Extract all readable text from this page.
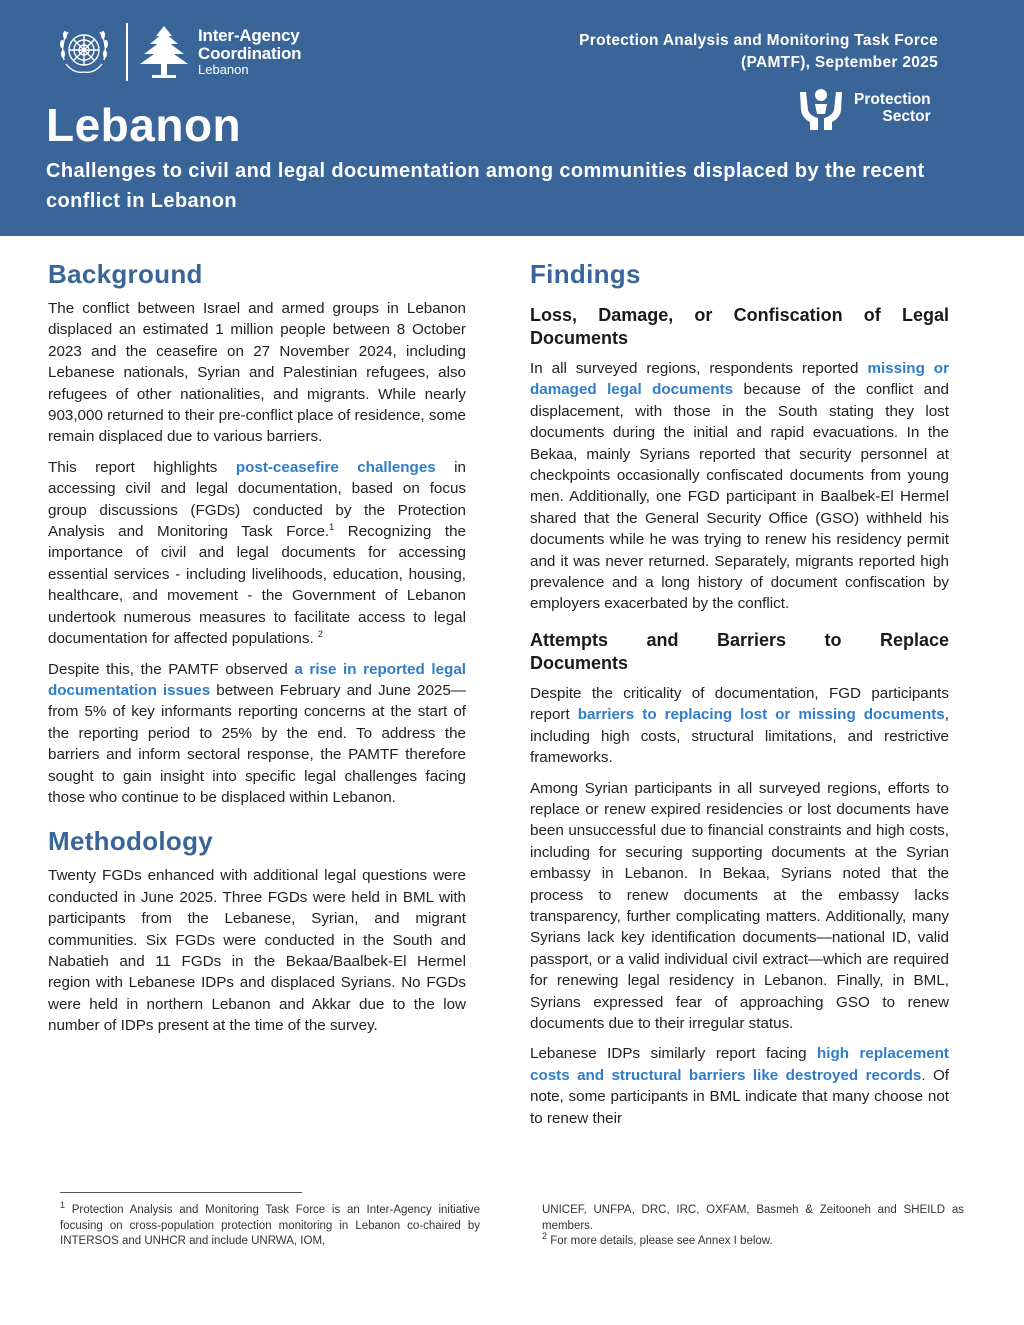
Inter-Agency
Coordination
Lebanon
Protection Analysis and Monitoring Task Force
(PAMTF), September 2025
Protection
Sector
Lebanon
Challenges to civil and legal documentation among communities displaced by the recent conflict in Lebanon
Background

The conflict between Israel and armed groups in Lebanon displaced an estimated 1 million people between 8 October 2023 and the ceasefire on 27 November 2024, including Lebanese nationals, Syrian and Palestinian refugees, also refugees of other nationalities, and migrants. While nearly 903,000 returned to their pre-conflict place of residence, some remain displaced due to various barriers.

This report highlights post-ceasefire challenges in accessing civil and legal documentation, based on focus group discussions (FGDs) conducted by the Protection Analysis and Monitoring Task Force.$^1$ Recognizing the importance of civil and legal documents for accessing essential services - including livelihoods, education, housing, healthcare, and movement - the Government of Lebanon undertook numerous measures to facilitate access to legal documentation for affected populations. $^2$

Despite this, the PAMTF observed a rise in reported legal documentation issues between February and June 2025—from 5% of key informants reporting concerns at the start of the reporting period to 25% by the end. To address the barriers and inform sectoral response, the PAMTF therefore sought to gain insight into specific legal challenges facing those who continue to be displaced within Lebanon.

Methodology

Twenty FGDs enhanced with additional legal questions were conducted in June 2025. Three FGDs were held in BML with participants from the Lebanese, Syrian, and migrant communities. Six FGDs were conducted in the South and Nabatieh and 11 FGDs in the Bekaa/Baalbek-El Hermel region with Lebanese IDPs and displaced Syrians. No FGDs were held in northern Lebanon and Akkar due to the low number of IDPs present at the time of the survey.

Findings
Loss, Damage, or Confiscation of Legal
Documents

In all surveyed regions, respondents reported missing or damaged legal documents because of the conflict and displacement, with those in the South stating they lost documents during the initial and rapid evacuations. In the Bekaa, mainly Syrians reported that security personnel at checkpoints occasionally confiscated documents from young men. Additionally, one FGD participant in Baalbek-El Hermel shared that the General Security Office (GSO) withheld his documents while he was trying to renew his residency permit and it was never returned. Separately, migrants reported high prevalence and a long history of document confiscation by employers exacerbated by the conflict.

Attempts and Barriers to Replace
Documents

Despite the criticality of documentation, FGD participants report barriers to replacing lost or missing documents, including high costs, structural limitations, and restrictive frameworks.

Among Syrian participants in all surveyed regions, efforts to replace or renew expired residencies or lost documents have been unsuccessful due to financial constraints and high costs, including for securing supporting documents at the Syrian embassy in Lebanon. In Bekaa, Syrians noted that the process to renew documents at the embassy lacks transparency, further complicating matters. Additionally, many Syrians lack key identification documents—national ID, valid passport, or a valid individual civil extract—which are required for renewing legal residency in Lebanon. Finally, in BML, Syrians expressed fear of approaching GSO to renew documents due to their irregular status.

Lebanese IDPs similarly report facing high replacement costs and structural barriers like destroyed records. Of note, some participants in BML indicate that many choose not to renew their

$^1$ Protection Analysis and Monitoring Task Force is an Inter-Agency initiative focusing on cross-population protection monitoring in Lebanon co-chaired by INTERSOS and UNHCR and include UNRWA, IOM,
UNICEF, UNFPA, DRC, IRC, OXFAM, Basmeh & Zeitooneh and SHEILD as members.
$^2$ For more details, please see Annex I below.
